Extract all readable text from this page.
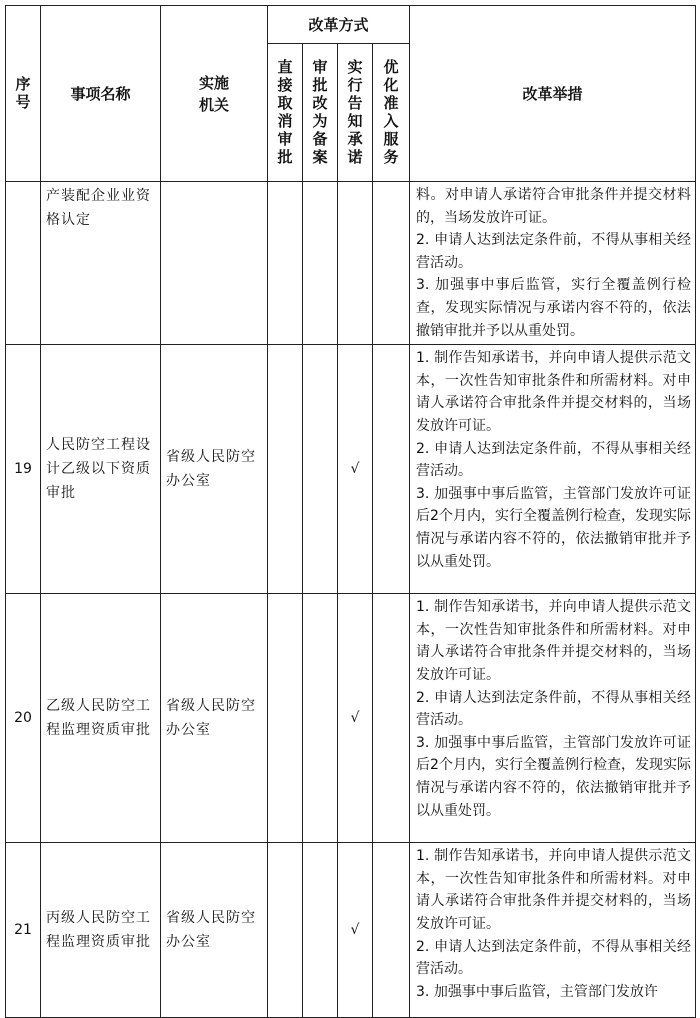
序号	事项名称	实施机关	改革方式				改革举措

			直接取消审批	审批改为备案	实行告知承诺	优化准入服务	

	产装配企业业资格认定						料。对申请人承诺符合审批条件并提交材料的，当场发放许可证。
2. 申请人达到法定条件前，不得从事相关经营活动。
3. 加强事中事后监管，实行全覆盖例行检查，发现实际情况与承诺内容不符的，依法撤销审批并予以从重处罚。

19	人民防空工程设计乙级以下资质审批	省级人民防空办公室			√		1. 制作告知承诺书，并向申请人提供示范文本，一次性告知审批条件和所需材料。对申请人承诺符合审批条件并提交材料的，当场发放许可证。
2. 申请人达到法定条件前，不得从事相关经营活动。
3. 加强事中事后监管，主管部门发放许可证后2个月内，实行全覆盖例行检查，发现实际情况与承诺内容不符的，依法撤销审批并予以从重处罚。

20	乙级人民防空工程监理资质审批	省级人民防空办公室			√		1. 制作告知承诺书，并向申请人提供示范文本，一次性告知审批条件和所需材料。对申请人承诺符合审批条件并提交材料的，当场发放许可证。
2. 申请人达到法定条件前，不得从事相关经营活动。
3. 加强事中事后监管，主管部门发放许可证后2个月内，实行全覆盖例行检查，发现实际情况与承诺内容不符的，依法撤销审批并予以从重处罚。

21	丙级人民防空工程监理资质审批	省级人民防空办公室			√		1. 制作告知承诺书，并向申请人提供示范文本，一次性告知审批条件和所需材料。对申请人承诺符合审批条件并提交材料的，当场发放许可证。
2. 申请人达到法定条件前，不得从事相关经营活动。
3. 加强事中事后监管，主管部门发放许
